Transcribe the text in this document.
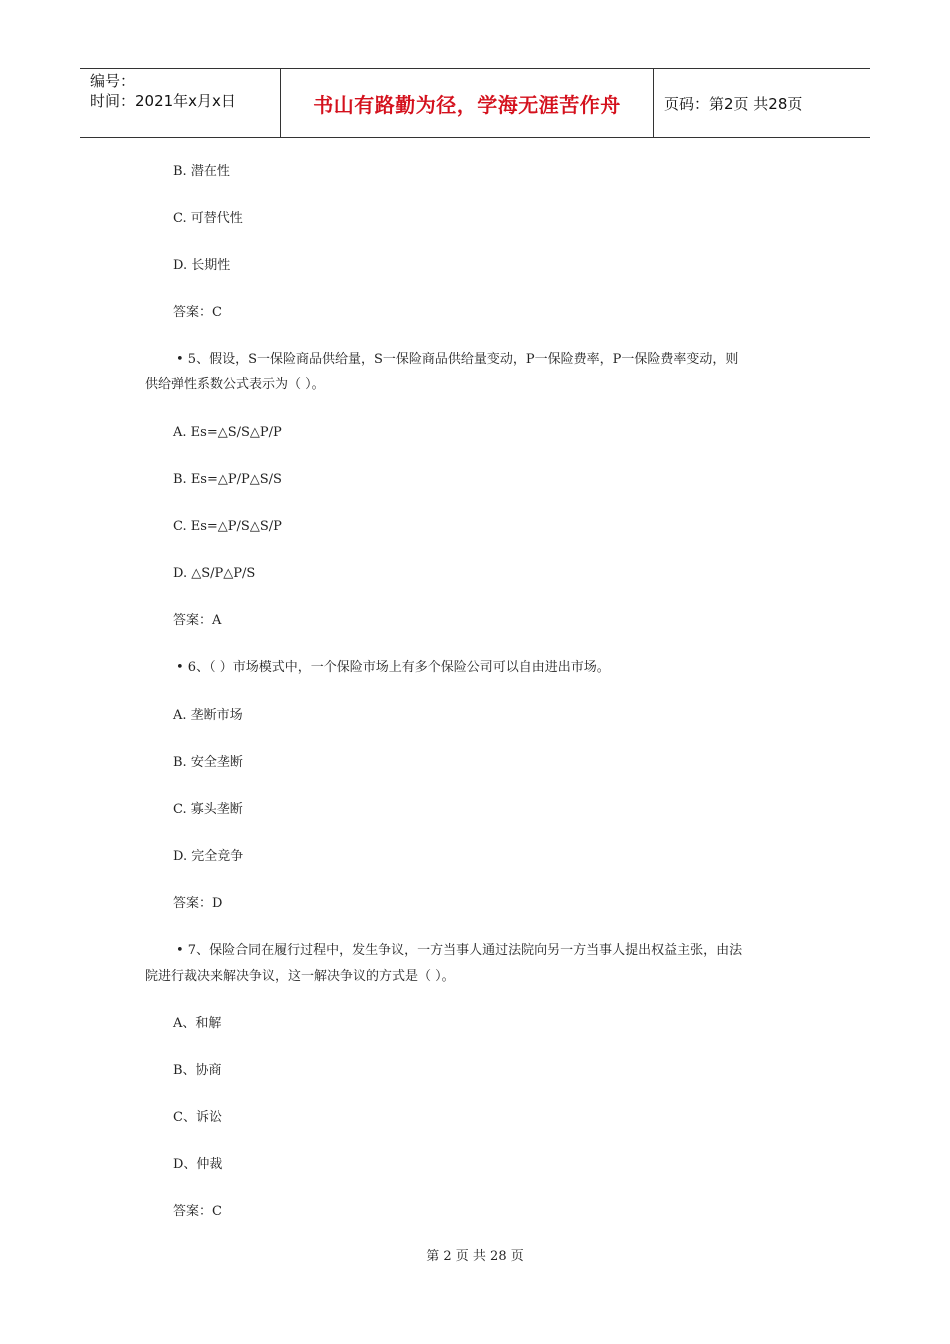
编号：
时间：2021年x月x日	书山有路勤为径，学海无涯苦作舟	页码：第2页 共28页
B. 潜在性
C. 可替代性
D. 长期性
答案：C
• 5、假设，S一保险商品供给量，S一保险商品供给量变动，P一保险费率，P一保险费率变动，则
供给弹性系数公式表示为（ ）。
A. Es=△S/S△P/P
B. Es=△P/P△S/S
C. Es=△P/S△S/P
D. △S/P△P/S
答案：A
• 6、（ ）市场模式中，一个保险市场上有多个保险公司可以自由进出市场。
A. 垄断市场
B. 安全垄断
C. 寡头垄断
D. 完全竞争
答案：D
• 7、保险合同在履行过程中，发生争议，一方当事人通过法院向另一方当事人提出权益主张，由法
院进行裁决来解决争议，这一解决争议的方式是（ ）。
A、和解
B、协商
C、诉讼
D、仲裁
答案：C
第 2 页 共 28 页
